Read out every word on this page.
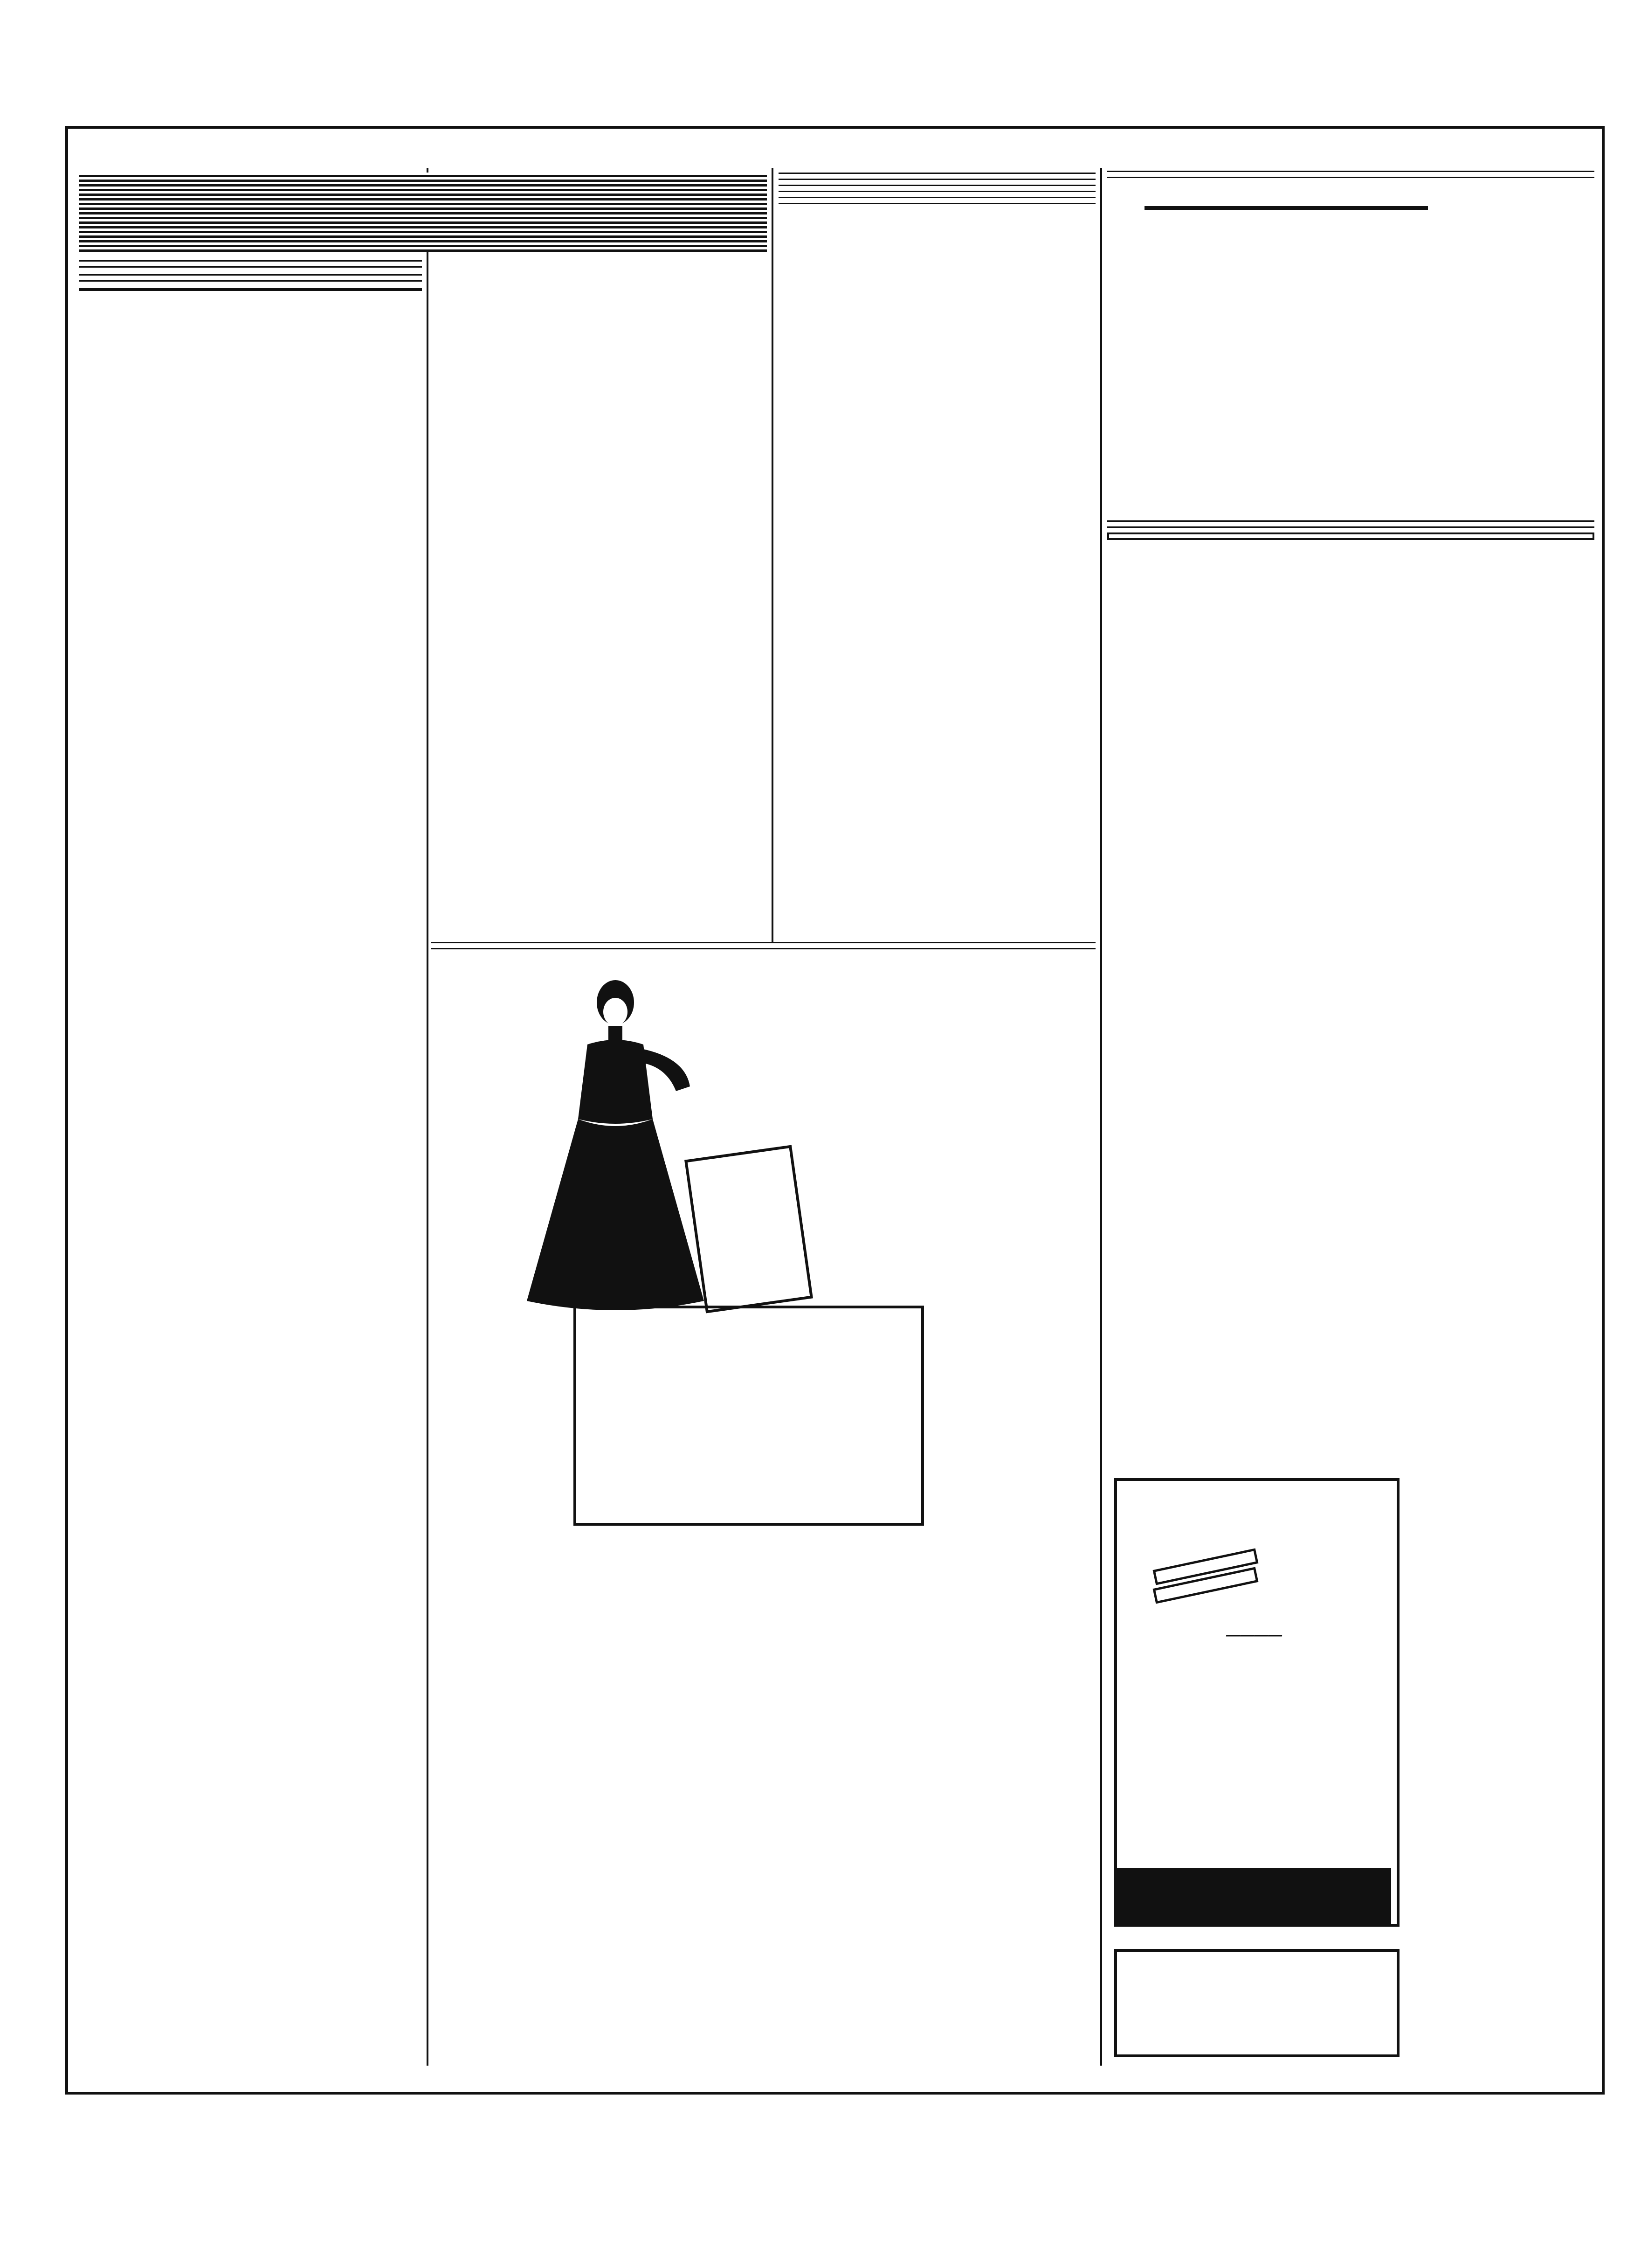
————
